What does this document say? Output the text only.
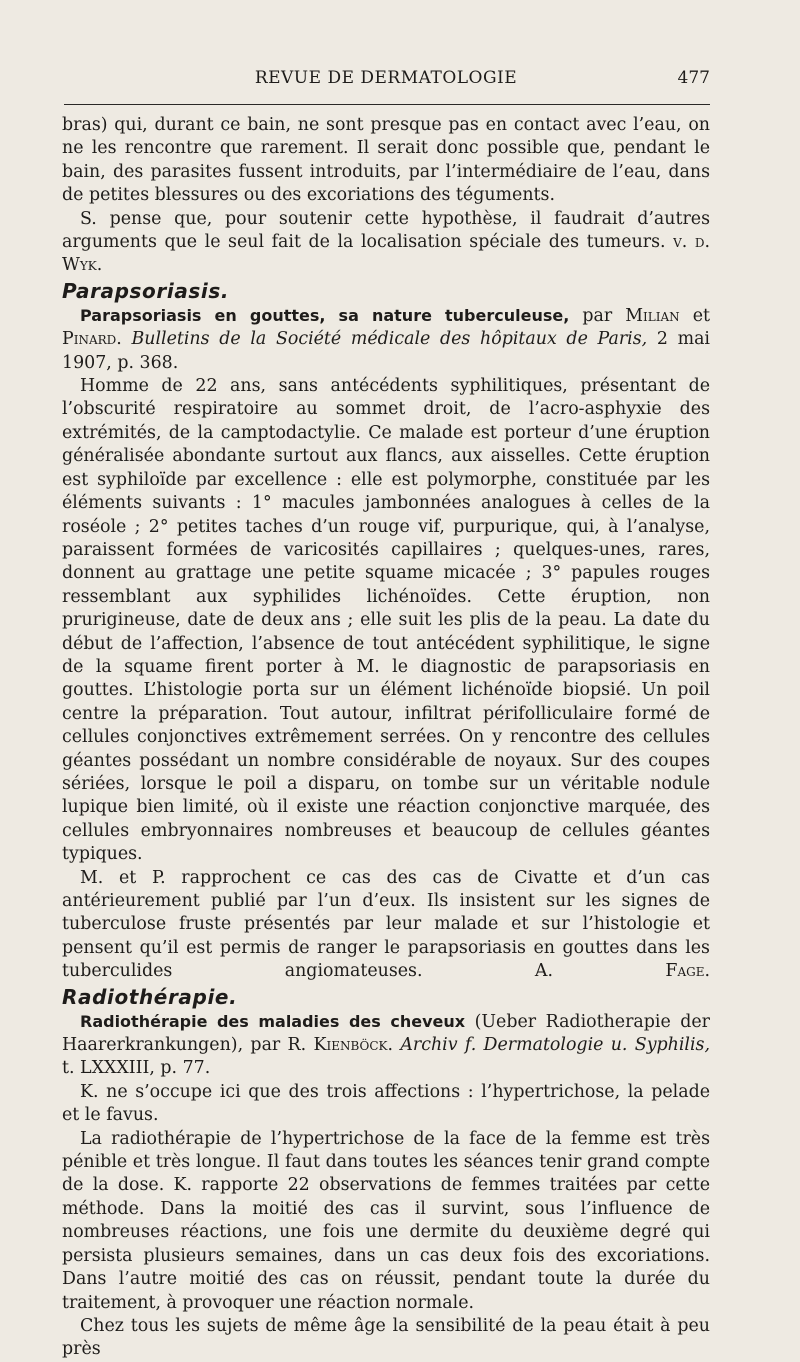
REVUE DE DERMATOLOGIE	477

bras) qui, durant ce bain, ne sont presque pas en contact avec l’eau, on ne les rencontre que rarement. Il serait donc possible que, pendant le bain, des parasites fussent introduits, par l’intermédiaire de l’eau, dans de petites blessures ou des excoriations des téguments.

S. pense que, pour soutenir cette hypothèse, il faudrait d’autres arguments que le seul fait de la localisation spéciale des tumeurs. v. d. Wyk.

Parapsoriasis.

Parapsoriasis en gouttes, sa nature tuberculeuse, par Milian et Pinard. Bulletins de la Société médicale des hôpitaux de Paris, 2 mai 1907, p. 368.

Homme de 22 ans, sans antécédents syphilitiques, présentant de l’obscurité respiratoire au sommet droit, de l’acro-asphyxie des extrémités, de la camptodactylie. Ce malade est porteur d’une éruption généralisée abondante surtout aux flancs, aux aisselles. Cette éruption est syphiloïde par excellence : elle est polymorphe, constituée par les éléments suivants : 1° macules jambonnées analogues à celles de la roséole ; 2° petites taches d’un rouge vif, purpurique, qui, à l’analyse, paraissent formées de varicosités capillaires ; quelques-unes, rares, donnent au grattage une petite squame micacée ; 3° papules rouges ressemblant aux syphilides lichénoïdes. Cette éruption, non prurigineuse, date de deux ans ; elle suit les plis de la peau. La date du début de l’affection, l’absence de tout antécédent syphilitique, le signe de la squame firent porter à M. le diagnostic de parapsoriasis en gouttes. L’histologie porta sur un élément lichénoïde biopsié. Un poil centre la préparation. Tout autour, infiltrat périfolliculaire formé de cellules conjonctives extrêmement serrées. On y rencontre des cellules géantes possédant un nombre considérable de noyaux. Sur des coupes sériées, lorsque le poil a disparu, on tombe sur un véritable nodule lupique bien limité, où il existe une réaction conjonctive marquée, des cellules embryonnaires nombreuses et beaucoup de cellules géantes typiques.

M. et P. rapprochent ce cas des cas de Civatte et d’un cas antérieurement publié par l’un d’eux. Ils insistent sur les signes de tuberculose fruste présentés par leur malade et sur l’histologie et pensent qu’il est permis de ranger le parapsoriasis en gouttes dans les tuberculides angiomateuses.	A. Fage.

Radiothérapie.

Radiothérapie des maladies des cheveux (Ueber Radiotherapie der Haarerkrankungen), par R. Kienböck. Archiv f. Dermatologie u. Syphilis, t. LXXXIII, p. 77.

K. ne s’occupe ici que des trois affections : l’hypertrichose, la pelade et le favus.

La radiothérapie de l’hypertrichose de la face de la femme est très pénible et très longue. Il faut dans toutes les séances tenir grand compte de la dose. K. rapporte 22 observations de femmes traitées par cette méthode. Dans la moitié des cas il survint, sous l’influence de nombreuses réactions, une fois une dermite du deuxième degré qui persista plusieurs semaines, dans un cas deux fois des excoriations. Dans l’autre moitié des cas on réussit, pendant toute la durée du traitement, à provoquer une réaction normale.

Chez tous les sujets de même âge la sensibilité de la peau était à peu près
